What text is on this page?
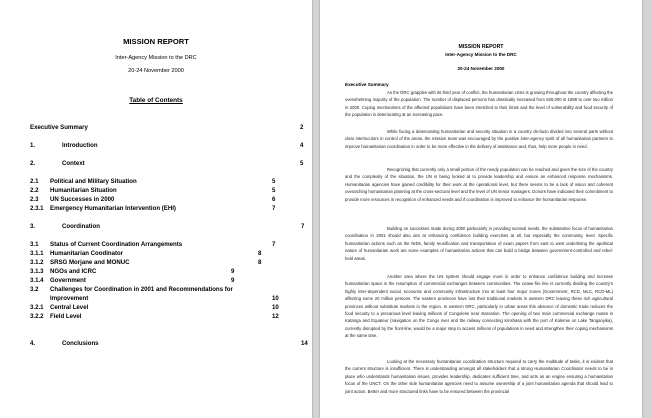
MISSION REPORT
Inter-Agency Mission to the DRC
20-24 November 2000
Table of Contents
Executive Summary	2
1.	Introduction	4
2.	Context	5
2.1 Political and Military Situation	5
2.2 Humanitarian Situation	5
2.3 UN Successes in 2000	6
2.3.1 Emergency Humanitarian Intervention (EHI)	7
3.	Coordination	7
3.1 Status of Current Coordination Arrangements	7
3.1.1 Humanitarian Coodinator	8
3.1.2 SRSG Morjane and MONUC	8
3.1.3 NGOs and ICRC	9
3.1.4 Government	9
3.2 Challenges for Coordination in 2001 and Recommendations for
Improvement	10
3.2.1 Central Level	10
3.2.2 Field Level	12
4.	Conclusions	14
MISSION REPORT
Inter-Agency Mission to the DRC
20-24 November 2000
Executive Summary
As the DRC grapples with its third year of conflict, the humanitarian crisis is growing throughout the country affecting the overwhelming majority of the population. The number of displaced persons has drastically increased from 826,000 in 1999 to over two million in 2000. Coping mechanisms of the affected populations have been stretched to their limits and the level of vulnerability and food security of the population is deteriorating at an increasing pace.
While facing a deteriorating humanitarian and security situation in a country de-facto divided into several parts without clear interlocutors in control of the areas, the mission team was encouraged by the positive inter-agency spirit of all humanitarian partners to improve humanitarian coordination in order to be more effective in the delivery of assistance and, thus, help more people in need.
Recognizing that currently only a small portion of the needy population can be reached and given the size of the country and the complexity of the situation, the UN is being looked at to provide leadership and ensure an enhanced response mechanisms. Humanitarian agencies have gained credibility for their work at the operational level, but there seems to be a lack of vision and coherent overarching humanitarian planning at the cross-sectoral level and the level of UN senior managers. Donors have indicated their commitment to provide more resources in recognition of enhanced needs and if coordination is improved to enhance the humanitarian response.
Building on successes made during 2000 particularly in providing survival needs, the substantive focus of humanitarian coordination in 2001 should also aim at enhancing confidence building exercises at all, but especially the community, level. Specific humanitarian actions such as the NIDs, family reunification and transportation of exam papers from east to west underlining the apolitical nature of humanitarian work are some examples of humanitarian actions that can build a bridge between government-controlled and rebel-held areas.
Another area where the UN system should engage more in order to enhance confidence building and increase humanitarian space is the resumption of commercial exchanges between communities. The cease-fire line is currently dividing the country's highly inter-dependent social, economic and community infrastructure into at least four major zones (Government, RCD, MLC, RCD-ML) affecting some 20 million persons. The eastern provinces have lost their traditional markets in western DRC leaving these rich agricultural provinces without substitute markets in the region. In western DRC, particularly in urban areas this absence of domestic trade reduces the food security to a precarious level leaving millions of Congolese near starvation. The opening of two main commercial exchange routes in Katanga and Equateur (navigation on the Congo river and the railway connecting Kinshasa with the port of Kalemie on Lake Tanganyika), currently disrupted by the front-line, would be a major step to access millions of populations in need and strengthen their coping mechanisms at the same time.
Looking at the necessary humanitarian coordination structure required to carry the multitude of tasks, it is evident that the current structure is insufficient. There is understanding amongst all stakeholders that a strong Humanitarian Coordinator needs to be in place who understands humanitarian issues, provides leadership, dedicates sufficient time, and acts as an engine ensuring a humanitarian focus of the UNCT. On the other side humanitarian agencies need to assume ownership of a joint humanitarian agenda that should lead to joint action. Better and more structured links have to be ensured between the provincial
